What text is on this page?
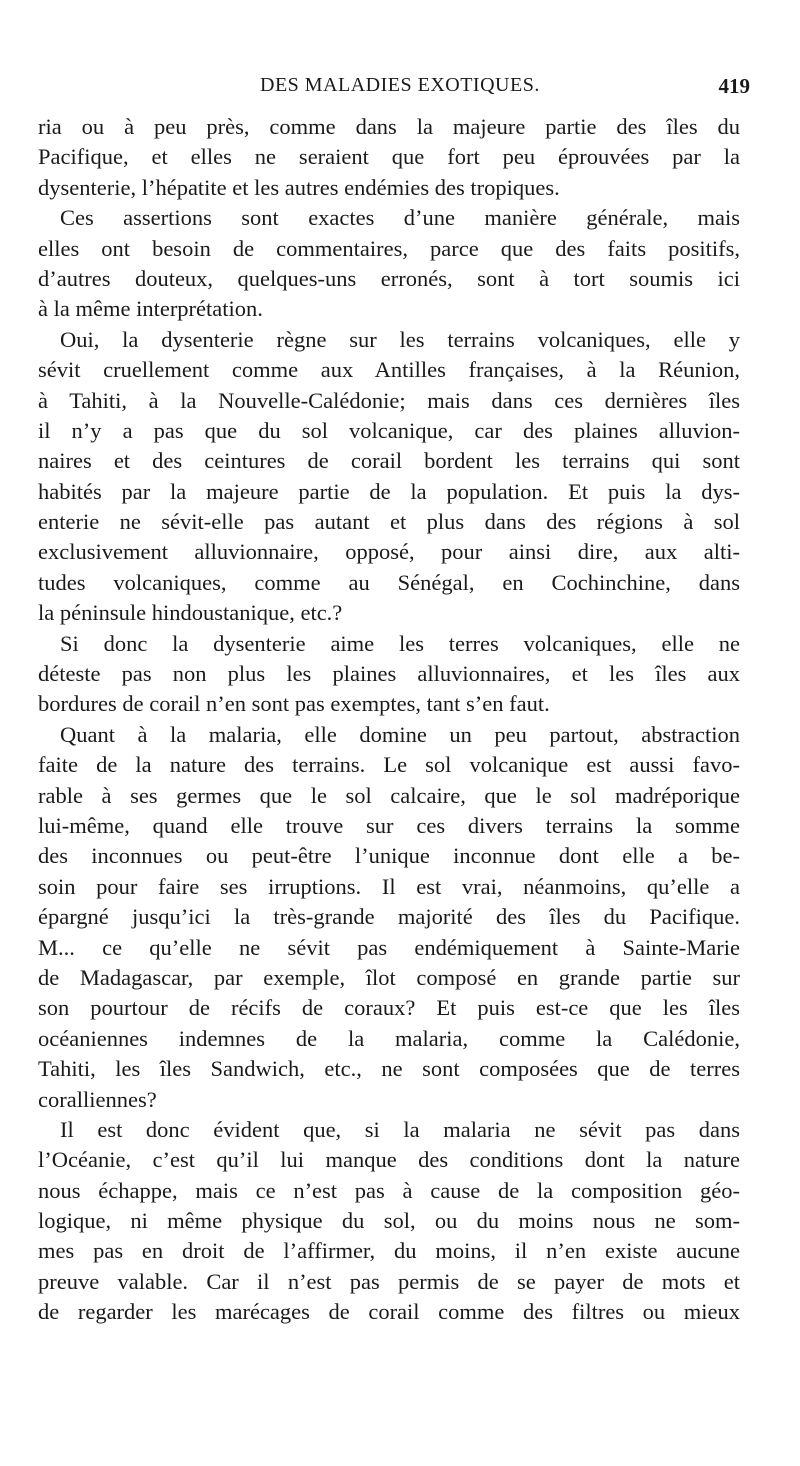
DES MALADIES EXOTIQUES.	419
ria ou à peu près, comme dans la majeure partie des îles du
Pacifique, et elles ne seraient que fort peu éprouvées par la
dysenterie, l’hépatite et les autres endémies des tropiques.
Ces assertions sont exactes d’une manière générale, mais
elles ont besoin de commentaires, parce que des faits positifs,
d’autres douteux, quelques-uns erronés, sont à tort soumis ici
à la même interprétation.
Oui, la dysenterie règne sur les terrains volcaniques, elle y
sévit cruellement comme aux Antilles françaises, à la Réunion,
à Tahiti, à la Nouvelle-Calédonie; mais dans ces dernières îles
il n’y a pas que du sol volcanique, car des plaines alluvion-
naires et des ceintures de corail bordent les terrains qui sont
habités par la majeure partie de la population. Et puis la dys-
enterie ne sévit-elle pas autant et plus dans des régions à sol
exclusivement alluvionnaire, opposé, pour ainsi dire, aux alti-
tudes volcaniques, comme au Sénégal, en Cochinchine, dans
la péninsule hindoustanique, etc.?
Si donc la dysenterie aime les terres volcaniques, elle ne
déteste pas non plus les plaines alluvionnaires, et les îles aux
bordures de corail n’en sont pas exemptes, tant s’en faut.
Quant à la malaria, elle domine un peu partout, abstraction
faite de la nature des terrains. Le sol volcanique est aussi favo-
rable à ses germes que le sol calcaire, que le sol madréporique
lui-même, quand elle trouve sur ces divers terrains la somme
des inconnues ou peut-être l’unique inconnue dont elle a be-
soin pour faire ses irruptions. Il est vrai, néanmoins, qu’elle a
épargné jusqu’ici la très-grande majorité des îles du Pacifique.
M... ce qu’elle ne sévit pas endémiquement à Sainte-Marie
de Madagascar, par exemple, îlot composé en grande partie sur
son pourtour de récifs de coraux? Et puis est-ce que les îles
océaniennes indemnes de la malaria, comme la Calédonie,
Tahiti, les îles Sandwich, etc., ne sont composées que de terres
coralliennes?
Il est donc évident que, si la malaria ne sévit pas dans
l’Océanie, c’est qu’il lui manque des conditions dont la nature
nous échappe, mais ce n’est pas à cause de la composition géo-
logique, ni même physique du sol, ou du moins nous ne som-
mes pas en droit de l’affirmer, du moins, il n’en existe aucune
preuve valable. Car il n’est pas permis de se payer de mots et
de regarder les marécages de corail comme des filtres ou mieux
